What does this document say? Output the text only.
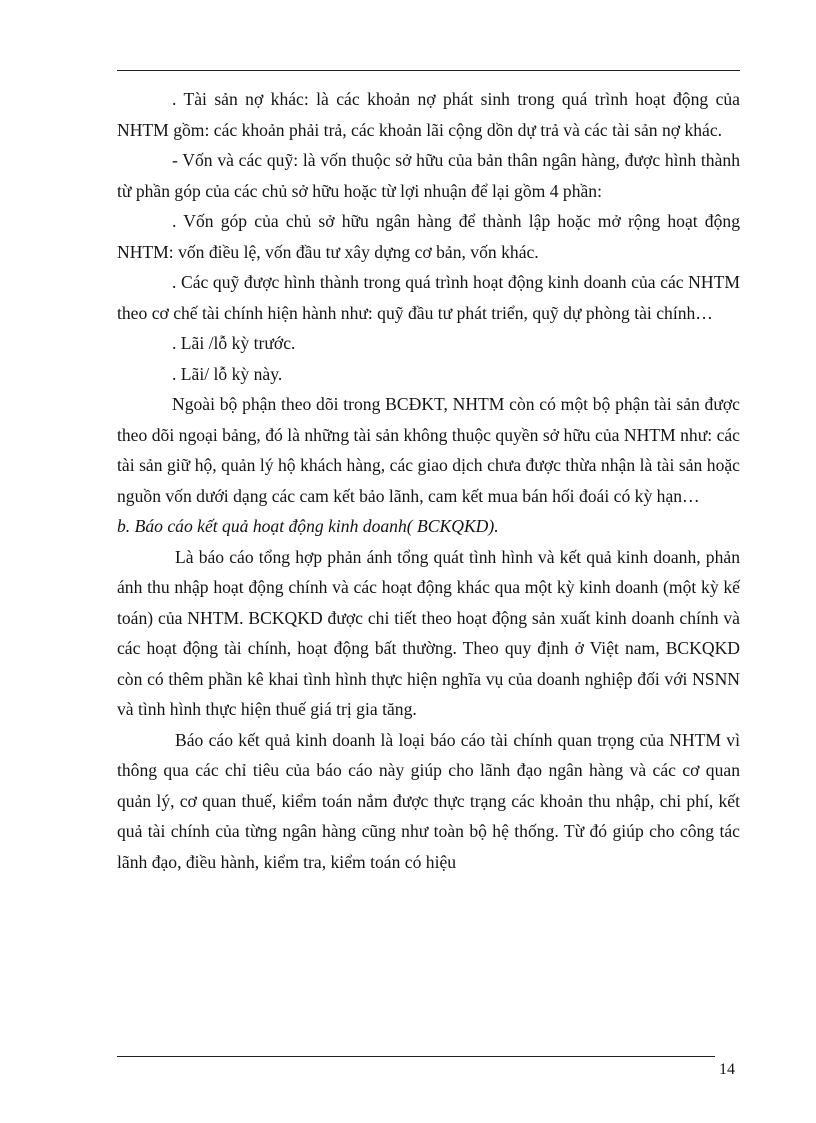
. Tài sản nợ khác: là các khoản nợ phát sinh trong quá trình hoạt động của NHTM gồm: các khoản phải trả, các khoản lãi cộng dồn dự trả và các tài sản nợ khác.

- Vốn và các quỹ: là vốn thuộc sở hữu của bản thân ngân hàng, được hình thành từ phần góp của các chủ sở hữu hoặc từ lợi nhuận để lại gồm 4 phần:

. Vốn góp của chủ sở hữu ngân hàng để thành lập hoặc mở rộng hoạt động NHTM: vốn điều lệ, vốn đầu tư xây dựng cơ bản, vốn khác.

. Các quỹ được hình thành trong quá trình hoạt động kinh doanh của các NHTM theo cơ chế tài chính hiện hành như: quỹ đầu tư phát triển, quỹ dự phòng tài chính…

. Lãi /lỗ kỳ trước.

. Lãi/ lỗ kỳ này.

Ngoài bộ phận theo dõi trong BCĐKT, NHTM còn có một bộ phận tài sản được theo dõi ngoại bảng, đó là những tài sản không thuộc quyền sở hữu của NHTM như: các tài sản giữ hộ, quản lý hộ khách hàng, các giao dịch chưa được thừa nhận là tài sản hoặc nguồn vốn dưới dạng các cam kết bảo lãnh, cam kết mua bán hối đoái có kỳ hạn…

b. Báo cáo kết quả hoạt động kinh doanh( BCKQKD).

Là báo cáo tổng hợp phản ánh tổng quát tình hình và kết quả kinh doanh, phản ánh thu nhập hoạt động chính và các hoạt động khác qua một kỳ kinh doanh (một kỳ kế toán) của NHTM. BCKQKD được chi tiết theo hoạt động sản xuất kinh doanh chính và các hoạt động tài chính, hoạt động bất thường. Theo quy định ở Việt nam, BCKQKD còn có thêm phần kê khai tình hình thực hiện nghĩa vụ của doanh nghiệp đối với NSNN và tình hình thực hiện thuế giá trị gia tăng.

Báo cáo kết quả kinh doanh là loại báo cáo tài chính quan trọng của NHTM vì thông qua các chỉ tiêu của báo cáo này giúp cho lãnh đạo ngân hàng và các cơ quan quản lý, cơ quan thuế, kiểm toán nắm được thực trạng các khoản thu nhập, chi phí, kết quả tài chính của từng ngân hàng cũng như toàn bộ hệ thống. Từ đó giúp cho công tác lãnh đạo, điều hành, kiểm tra, kiểm toán có hiệu

14
